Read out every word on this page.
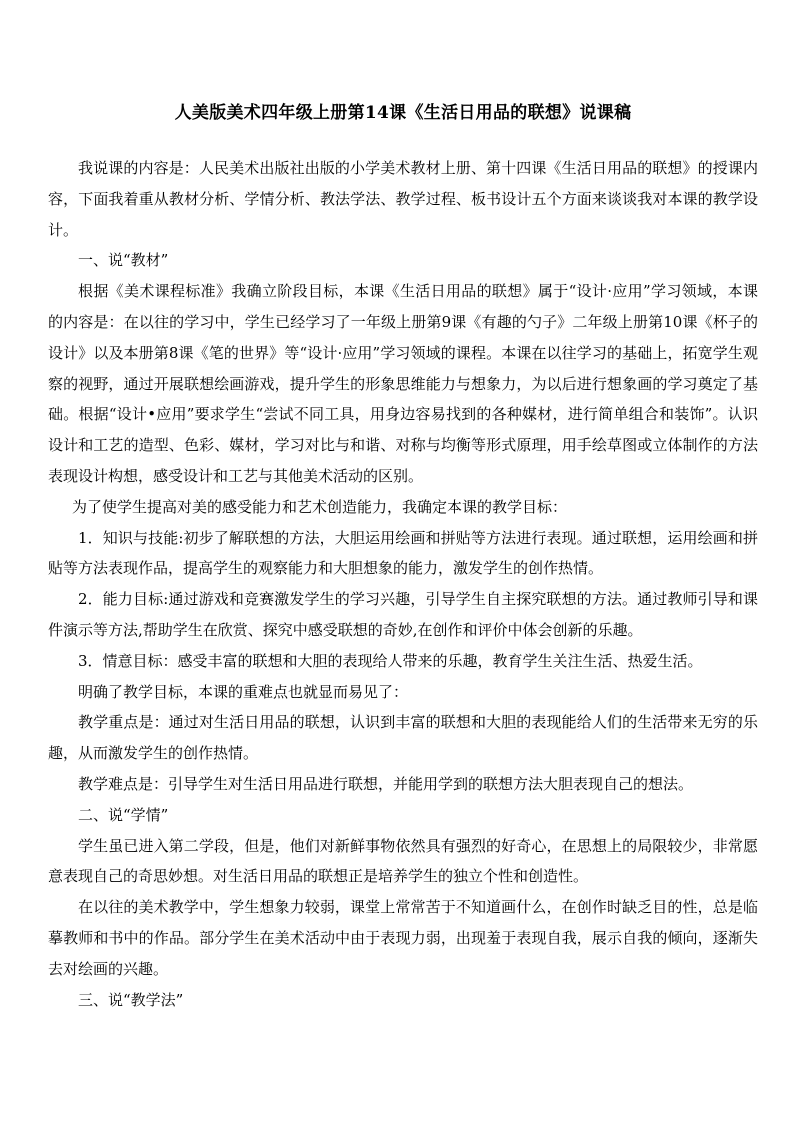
人美版美术四年级上册第14课《生活日用品的联想》说课稿

我说课的内容是：人民美术出版社出版的小学美术教材上册、第十四课《生活日用品的联想》的授课内容，下面我着重从教材分析、学情分析、教法学法、教学过程、板书设计五个方面来谈谈我对本课的教学设计。

一、说“教材”

根据《美术课程标准》我确立阶段目标，本课《生活日用品的联想》属于“设计·应用”学习领域，本课的内容是：在以往的学习中，学生已经学习了一年级上册第9课《有趣的勺子》二年级上册第10课《杯子的设计》以及本册第8课《笔的世界》等“设计·应用”学习领域的课程。本课在以往学习的基础上，拓宽学生观察的视野，通过开展联想绘画游戏，提升学生的形象思维能力与想象力，为以后进行想象画的学习奠定了基础。根据“设计•应用”要求学生“尝试不同工具，用身边容易找到的各种媒材，进行简单组合和装饰”。认识设计和工艺的造型、色彩、媒材，学习对比与和谐、对称与均衡等形式原理，用手绘草图或立体制作的方法表现设计构想，感受设计和工艺与其他美术活动的区别。

为了使学生提高对美的感受能力和艺术创造能力，我确定本课的教学目标：

1．知识与技能:初步了解联想的方法，大胆运用绘画和拼贴等方法进行表现。通过联想，运用绘画和拼贴等方法表现作品，提高学生的观察能力和大胆想象的能力，激发学生的创作热情。

2．能力目标:通过游戏和竞赛激发学生的学习兴趣，引导学生自主探究联想的方法。通过教师引导和课件演示等方法,帮助学生在欣赏、探究中感受联想的奇妙,在创作和评价中体会创新的乐趣。

3．情意目标：感受丰富的联想和大胆的表现给人带来的乐趣，教育学生关注生活、热爱生活。

明确了教学目标，本课的重难点也就显而易见了：

教学重点是：通过对生活日用品的联想，认识到丰富的联想和大胆的表现能给人们的生活带来无穷的乐趣，从而激发学生的创作热情。

教学难点是：引导学生对生活日用品进行联想，并能用学到的联想方法大胆表现自己的想法。

二、说“学情”

学生虽已进入第二学段，但是，他们对新鲜事物依然具有强烈的好奇心，在思想上的局限较少，非常愿意表现自己的奇思妙想。对生活日用品的联想正是培养学生的独立个性和创造性。

在以往的美术教学中，学生想象力较弱，课堂上常常苦于不知道画什么，在创作时缺乏目的性，总是临摹教师和书中的作品。部分学生在美术活动中由于表现力弱，出现羞于表现自我，展示自我的倾向，逐渐失去对绘画的兴趣。

三、说“教学法”
